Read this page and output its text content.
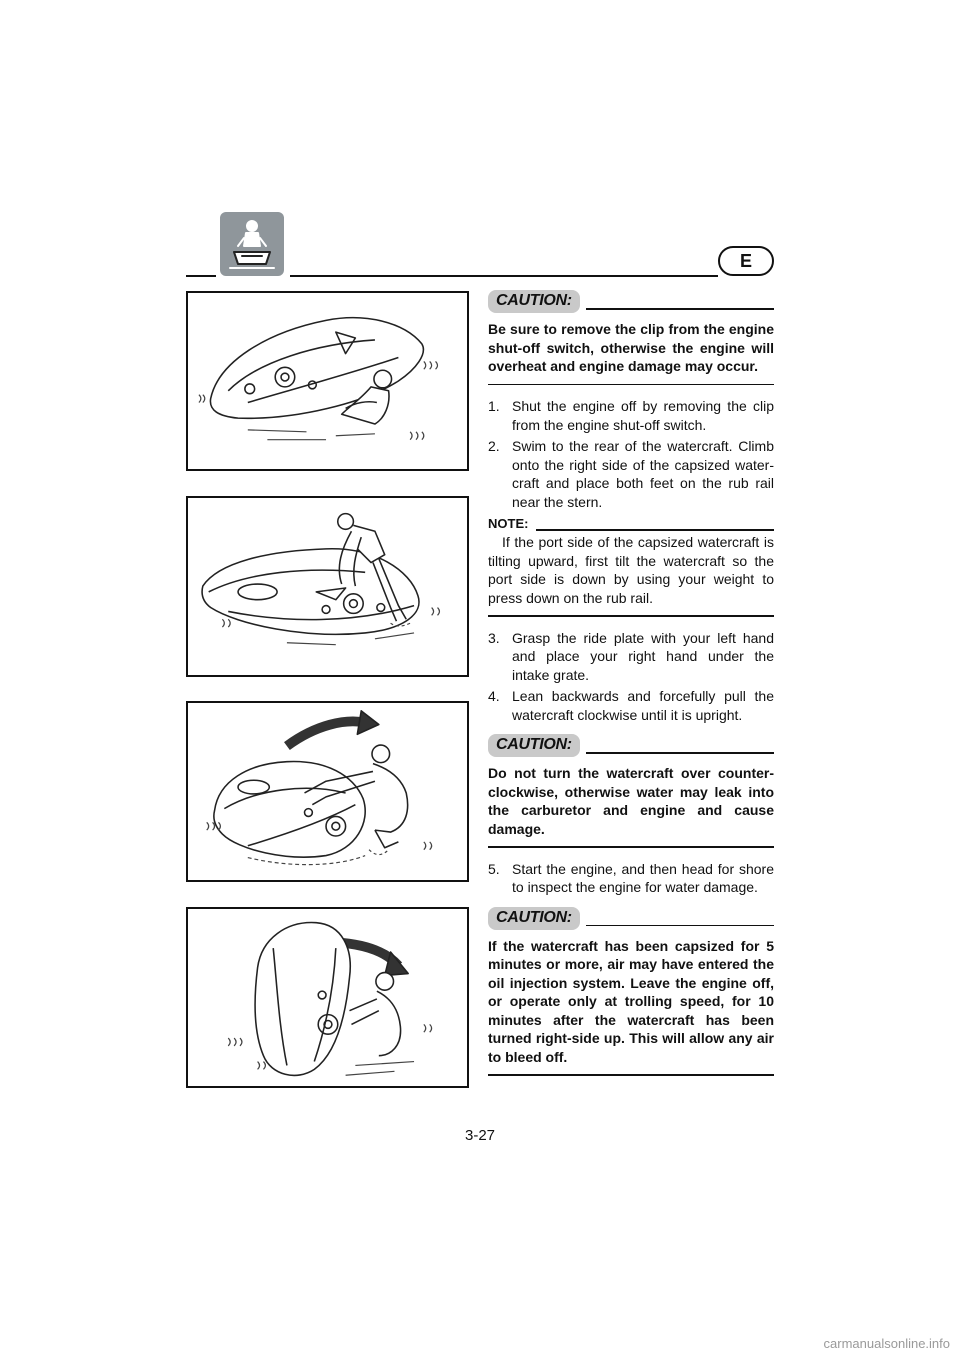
E
CAUTION:
Be sure to remove the clip from the engine shut-off switch, otherwise the engine will overheat and engine damage may occur.
1. Shut the engine off by removing the clip from the engine shut-off switch.
2. Swim to the rear of the watercraft. Climb onto the right side of the capsized water-craft and place both feet on the rub rail near the stern.
NOTE:
If the port side of the capsized watercraft is tilting upward, first tilt the watercraft so the port side is down by using your weight to press down on the rub rail.
3. Grasp the ride plate with your left hand and place your right hand under the intake grate.
4. Lean backwards and forcefully pull the watercraft clockwise until it is upright.
CAUTION:
Do not turn the watercraft over counter-clockwise, otherwise water may leak into the carburetor and engine and cause damage.
5. Start the engine, and then head for shore to inspect the engine for water damage.
CAUTION:
If the watercraft has been capsized for 5 minutes or more, air may have entered the oil injection system. Leave the engine off, or operate only at trolling speed, for 10 minutes after the watercraft has been turned right-side up. This will allow any air to bleed off.
3-27
carmanualsonline.info
